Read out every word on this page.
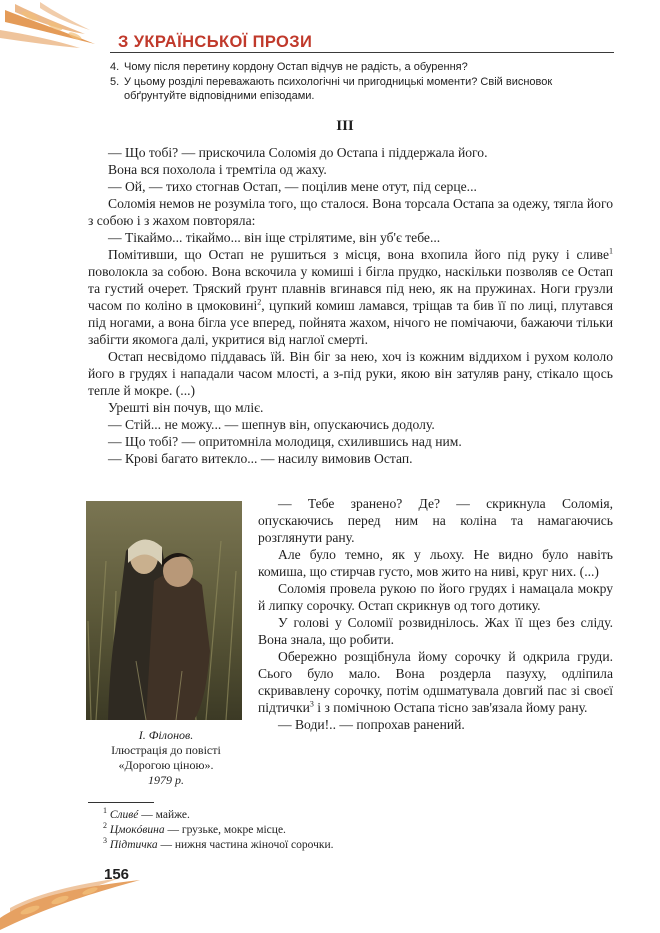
З УКРАЇНСЬКОЇ ПРОЗИ
4. Чому після перетину кордону Остап відчув не радість, а обурення?
5. У цьому розділі переважають психологічні чи пригодницькі моменти? Свій висновок обґрунтуйте відповідними епізодами.
III

— Що тобі? — прискочила Соломія до Остапа і піддержала його.

Вона вся похолола і тремтіла од жаху.

— Ой, — тихо стогнав Остап, — поцілив мене отут, під серце...

Соломія немов не розуміла того, що сталося. Вона торсала Остапа за одежу, тягла його з собою і з жахом повторяла:

— Тікаймо... тікаймо... він іще стрілятиме, він уб'є тебе...

Помітивши, що Остап не рушиться з місця, вона вхопила його під руку і сливе$^1$ поволокла за собою. Вона вскочила у комиші і бігла прудко, наскільки позволяв се Остап та густий очерет. Тряский ґрунт плавнів вгинався під нею, як на пружинах. Ноги грузли часом по коліно в цмоковині$^2$, цупкий комиш ламався, тріщав та бив її по лиці, плутався під ногами, а вона бігла усе вперед, пойнята жахом, нічого не помічаючи, бажаючи тільки забігти якомога далі, укритися від наглої смерті.

Остап несвідомо піддавась їй. Він біг за нею, хоч із кожним віддихом і рухом кололо його в грудях і нападали часом млості, а з-під руки, якою він затуляв рану, стікало щось тепле й мокре. (...)

Урешті він почув, що мліє.

— Стій... не можу... — шепнув він, опускаючись додолу.

— Що тобі? — опритомніла молодиця, схилившись над ним.

— Крові багато витекло... — насилу вимовив Остап.

І. Філонов.
Ілюстрація до повісті
«Дорогою ціною».
1979 р.

— Тебе зранено? Де? — скрикнула Соломія, опускаючись перед ним на коліна та намагаючись розглянути рану.

Але було темно, як у льоху. Не видно було навіть комиша, що стирчав густо, мов жито на ниві, круг них. (...)

Соломія провела рукою по його грудях і намацала мокру й липку сорочку. Остап скрикнув од того дотику.

У голові у Соломії розвиднілось. Жах її щез без сліду. Вона знала, що робити.

Обережно розщібнула йому сорочку й одкрила груди. Сього було мало. Вона роздерла пазуху, одліпила скривавлену сорочку, потім одшматувала довгий пас зі своєї підтички$^3$ і з помічною Остапа тісно зав'язала йому рану.

— Води!.. — попрохав ранений.

$^1$ Сливé — майже.
$^2$ Цмокóвина — грузьке, мокре місце.
$^3$ Підтичка — нижня частина жіночої сорочки.
156
